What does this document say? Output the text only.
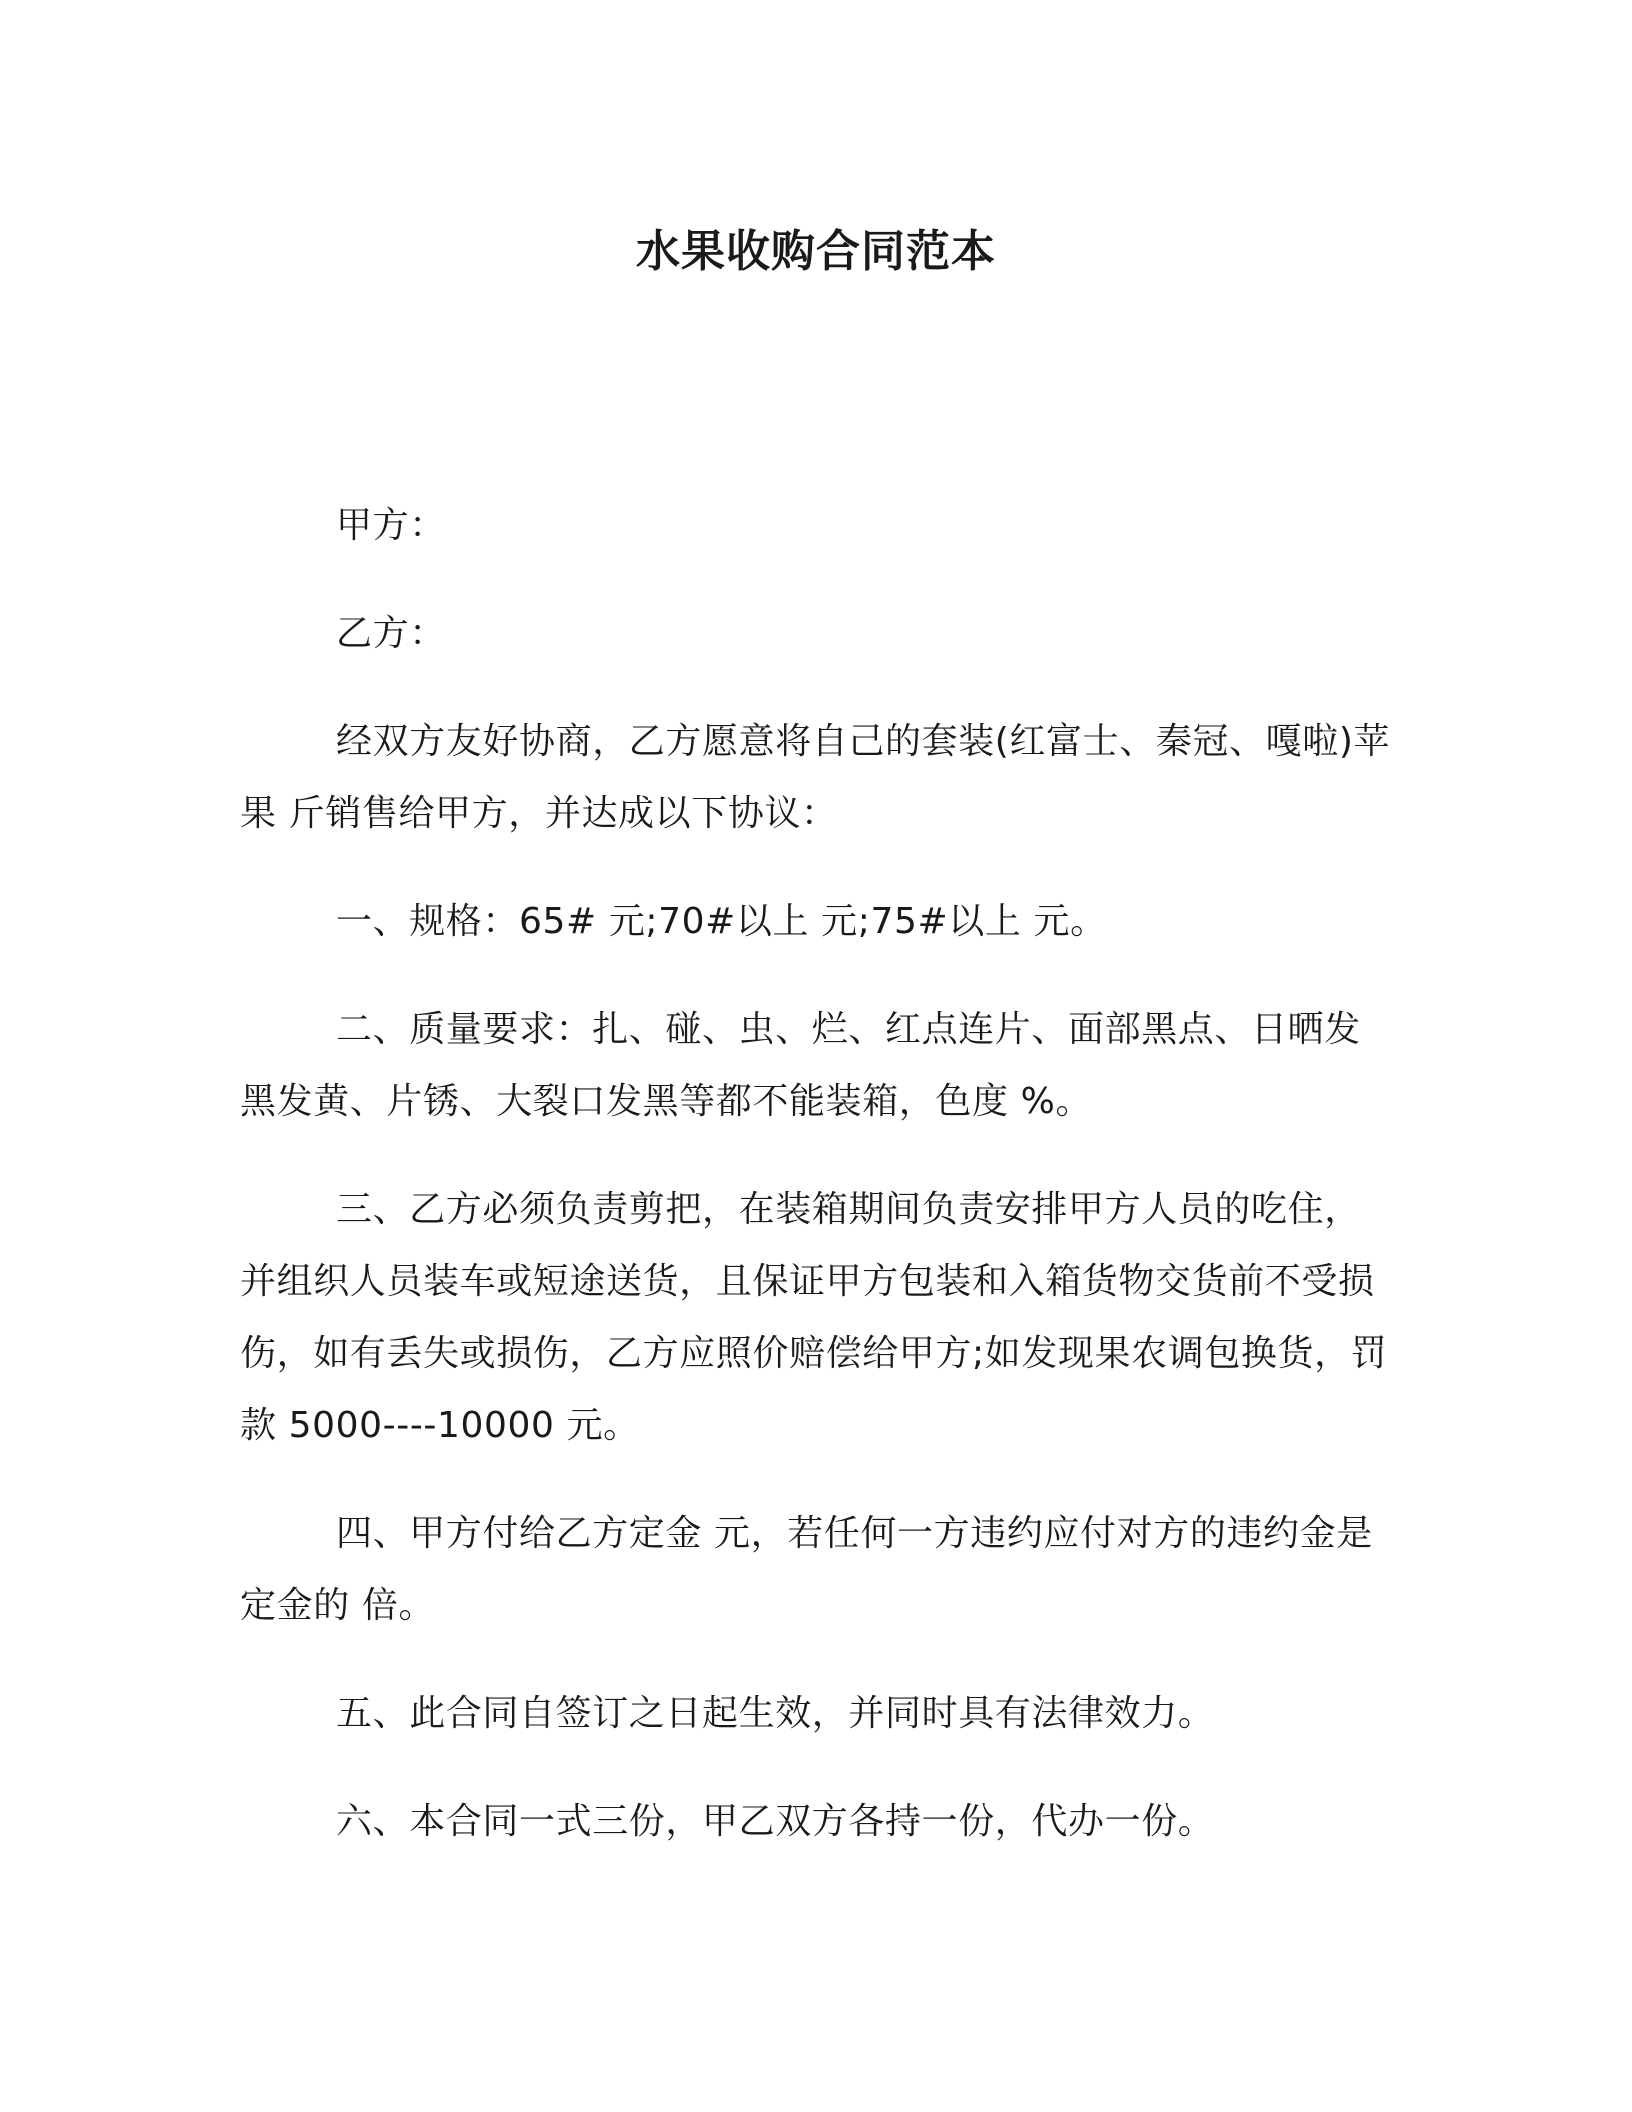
水果收购合同范本

甲方：

乙方：

经双方友好协商，乙方愿意将自己的套装(红富士、秦冠、嘎啦)苹果 斤销售给甲方，并达成以下协议：

一、规格：65# 元;70#以上 元;75#以上 元。

二、质量要求：扎、碰、虫、烂、红点连片、面部黑点、日晒发黑发黄、片锈、大裂口发黑等都不能装箱，色度 %。

三、乙方必须负责剪把，在装箱期间负责安排甲方人员的吃住，并组织人员装车或短途送货，且保证甲方包装和入箱货物交货前不受损伤，如有丢失或损伤，乙方应照价赔偿给甲方;如发现果农调包换货，罚款 5000----10000 元。

四、甲方付给乙方定金 元，若任何一方违约应付对方的违约金是定金的 倍。

五、此合同自签订之日起生效，并同时具有法律效力。

六、本合同一式三份，甲乙双方各持一份，代办一份。
